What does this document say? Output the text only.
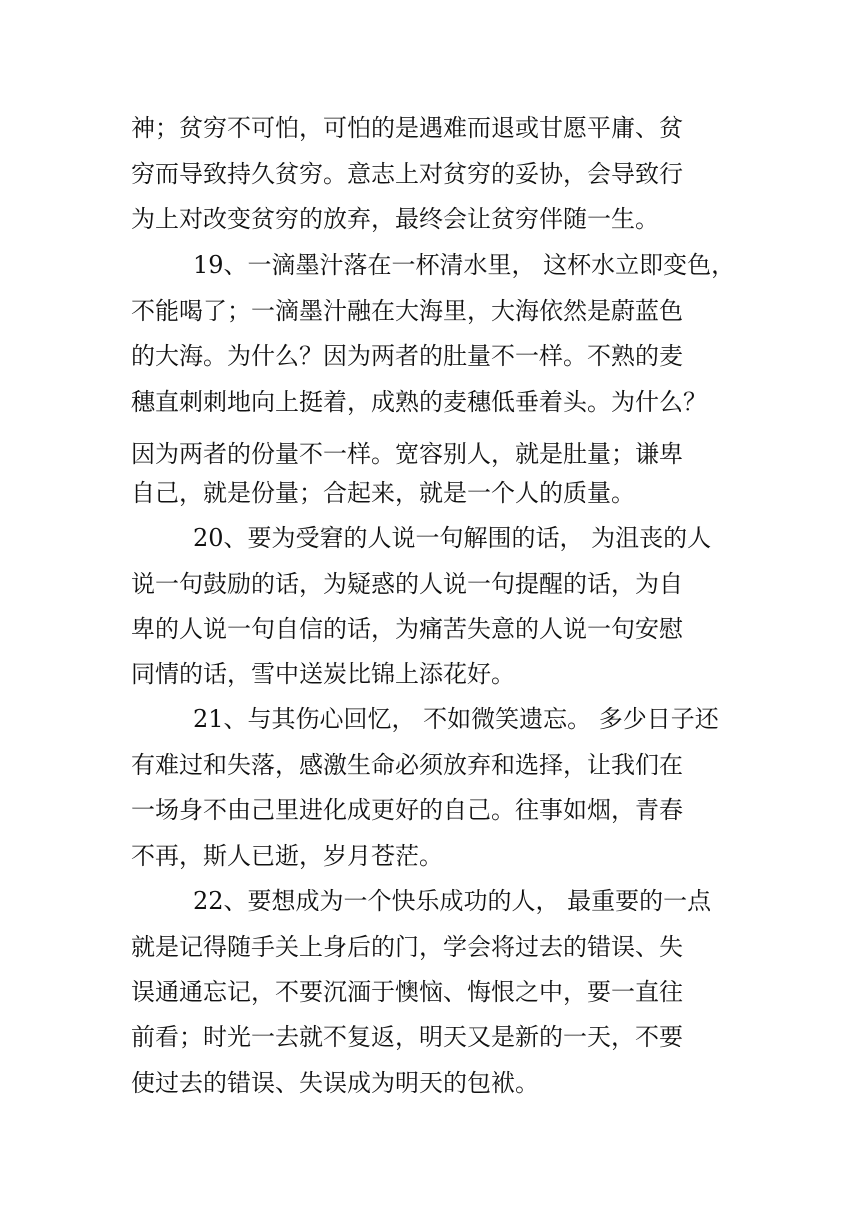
神；贫穷不可怕，可怕的是遇难而退或甘愿平庸、贫
穷而导致持久贫穷。意志上对贫穷的妥协，会导致行
为上对改变贫穷的放弃，最终会让贫穷伴随一生。
19、一滴墨汁落在一杯清水里， 这杯水立即变色，
不能喝了；一滴墨汁融在大海里，大海依然是蔚蓝色
的大海。为什么？因为两者的肚量不一样。不熟的麦
穗直刺刺地向上挺着，成熟的麦穗低垂着头。为什么？
因为两者的份量不一样。宽容别人，就是肚量；谦卑
自己，就是份量；合起来，就是一个人的质量。
20、要为受窘的人说一句解围的话， 为沮丧的人
说一句鼓励的话，为疑惑的人说一句提醒的话，为自
卑的人说一句自信的话，为痛苦失意的人说一句安慰
同情的话，雪中送炭比锦上添花好。
21、与其伤心回忆， 不如微笑遗忘。 多少日子还
有难过和失落，感激生命必须放弃和选择，让我们在
一场身不由己里进化成更好的自己。往事如烟，青春
不再，斯人已逝，岁月苍茫。
22、要想成为一个快乐成功的人， 最重要的一点
就是记得随手关上身后的门，学会将过去的错误、失
误通通忘记，不要沉湎于懊恼、悔恨之中，要一直往
前看；时光一去就不复返，明天又是新的一天，不要
使过去的错误、失误成为明天的包袱。
